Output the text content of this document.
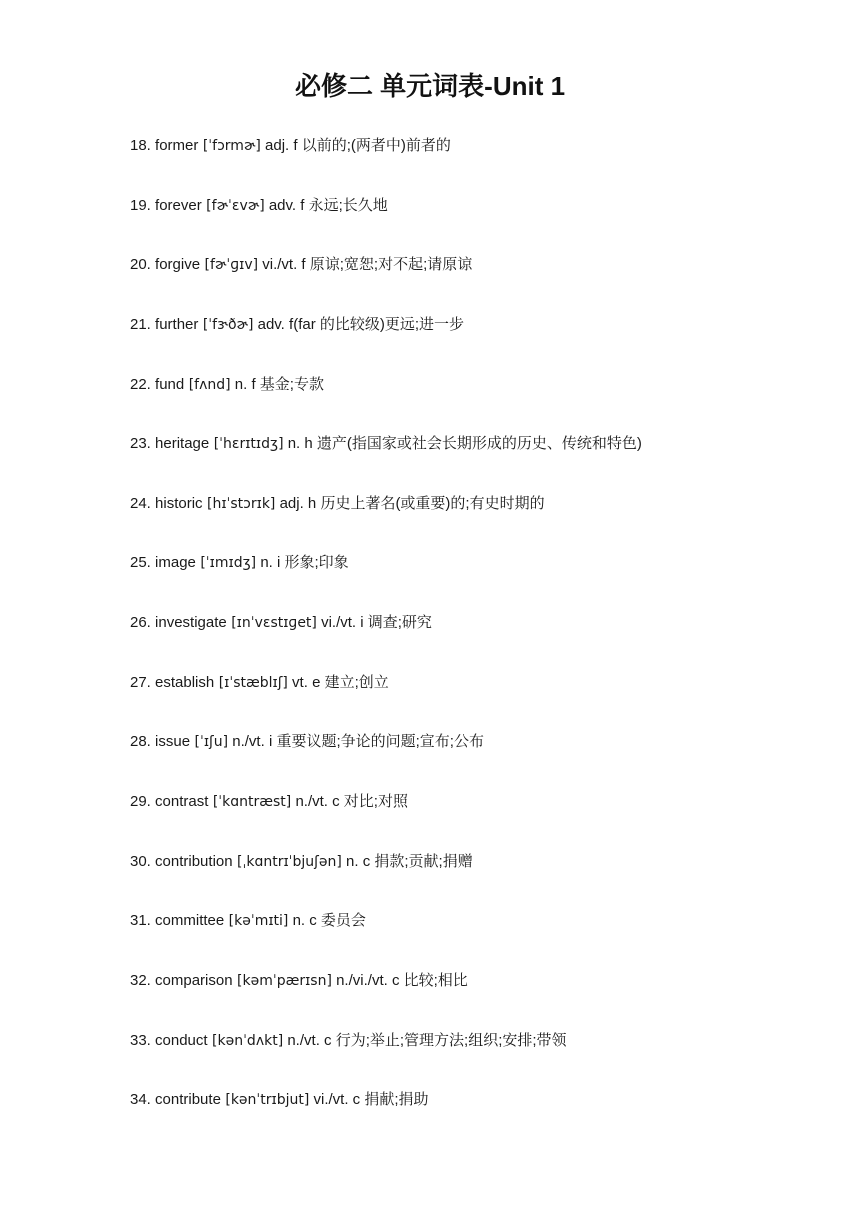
必修二 单元词表-Unit 1
18. former [ˈfɔrmɚ] adj. f 以前的;(两者中)前者的
19. forever [fɚˈɛvɚ] adv. f 永远;长久地
20. forgive [fɚˈɡɪv] vi./vt. f 原谅;宽恕;对不起;请原谅
21. further [ˈfɝðɚ] adv. f(far 的比较级)更远;进一步
22. fund [fʌnd] n. f 基金;专款
23. heritage [ˈhɛrɪtɪdʒ] n. h 遗产(指国家或社会长期形成的历史、传统和特色)
24. historic [hɪˈstɔrɪk] adj. h 历史上著名(或重要)的;有史时期的
25. image [ˈɪmɪdʒ] n. i 形象;印象
26. investigate [ɪnˈvɛstɪɡet] vi./vt. i 调查;研究
27. establish [ɪˈstæblɪʃ] vt. e 建立;创立
28. issue [ˈɪʃu] n./vt. i 重要议题;争论的问题;宣布;公布
29. contrast [ˈkɑntræst] n./vt. c 对比;对照
30. contribution [ˌkɑntrɪˈbjuʃən] n. c 捐款;贡献;捐赠
31. committee [kəˈmɪti] n. c 委员会
32. comparison [kəmˈpærɪsn] n./vi./vt. c 比较;相比
33. conduct [kənˈdʌkt] n./vt. c 行为;举止;管理方法;组织;安排;带领
34. contribute [kənˈtrɪbjut] vi./vt. c 捐献;捐助
